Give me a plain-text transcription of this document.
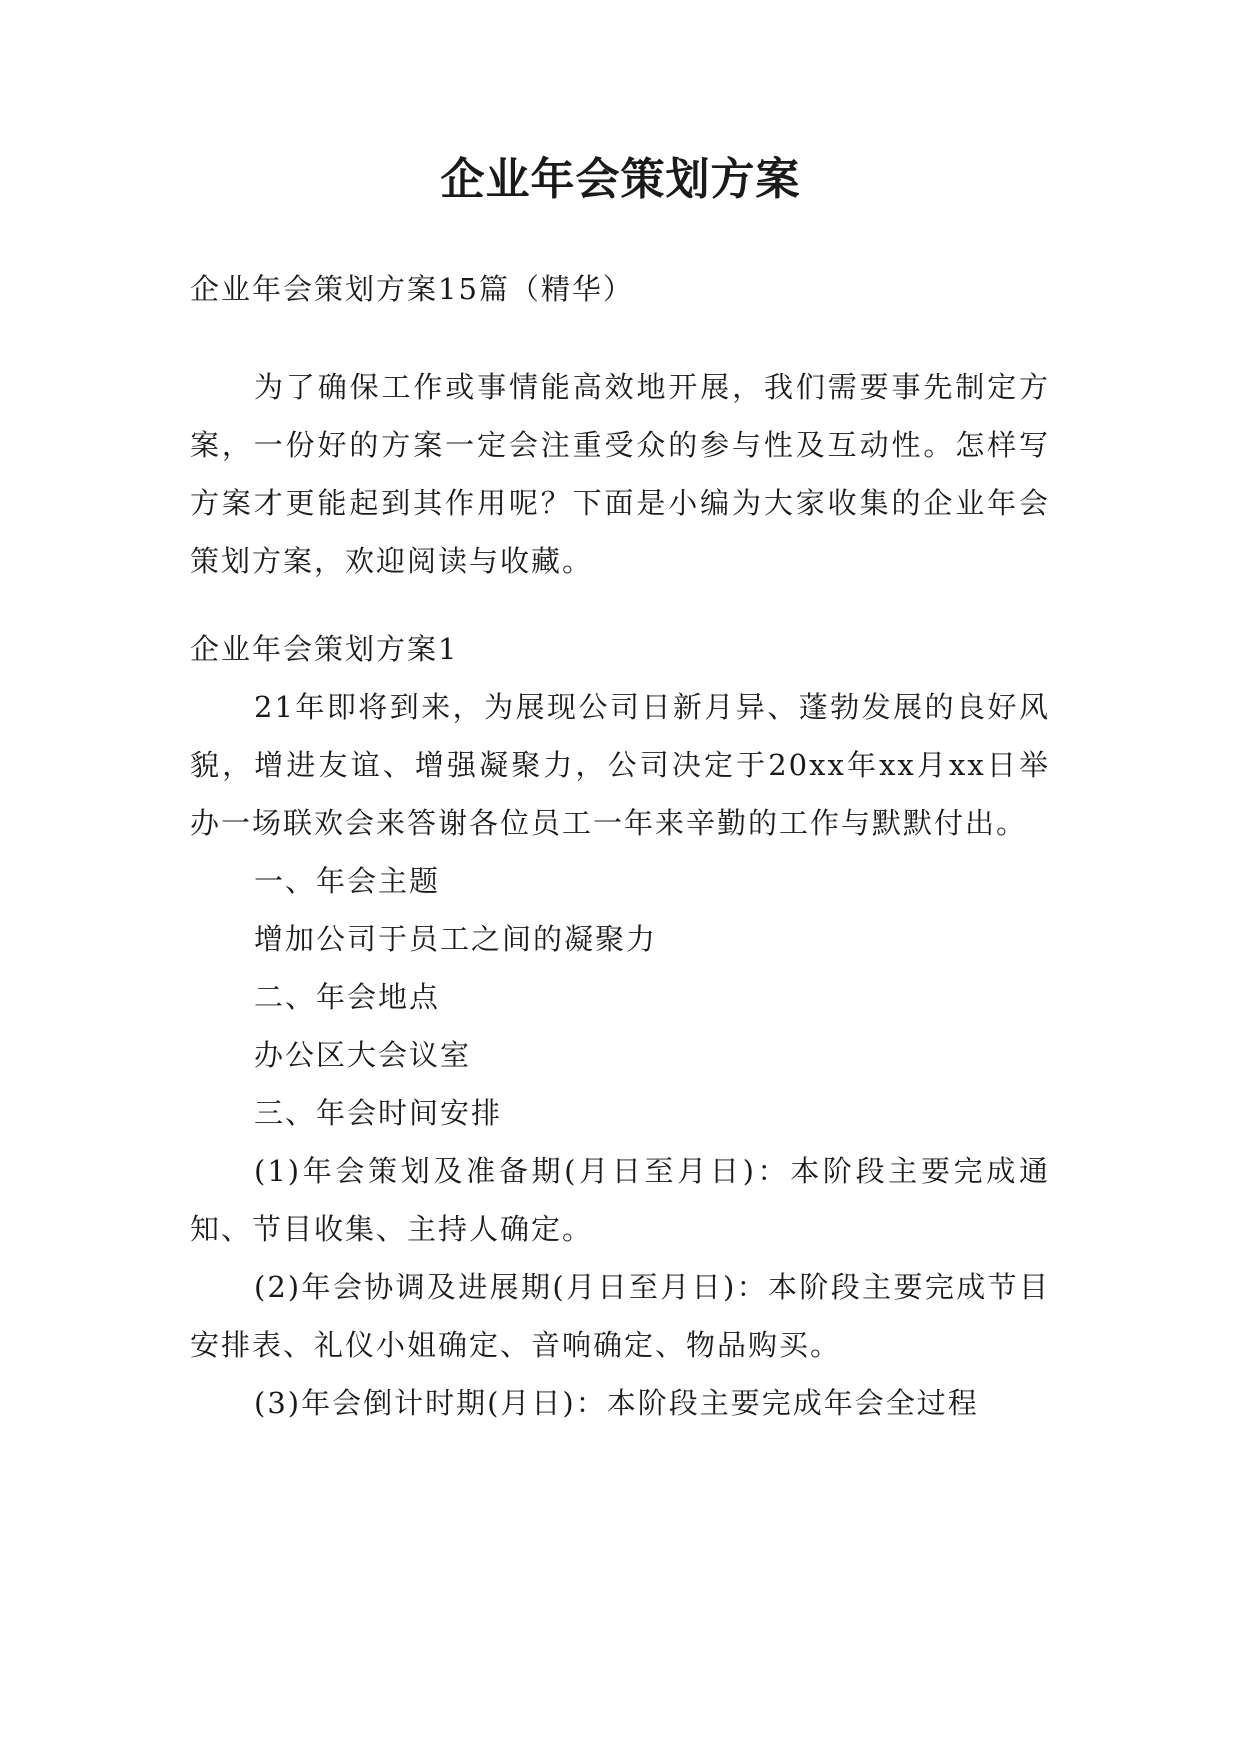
企业年会策划方案

企业年会策划方案15篇（精华）

为了确保工作或事情能高效地开展，我们需要事先制定方案，一份好的方案一定会注重受众的参与性及互动性。怎样写方案才更能起到其作用呢？下面是小编为大家收集的企业年会策划方案，欢迎阅读与收藏。

企业年会策划方案1

21年即将到来，为展现公司日新月异、蓬勃发展的良好风貌，增进友谊、增强凝聚力，公司决定于20xx年xx月xx日举办一场联欢会来答谢各位员工一年来辛勤的工作与默默付出。

一、年会主题

增加公司于员工之间的凝聚力

二、年会地点

办公区大会议室

三、年会时间安排

(1)年会策划及准备期(月日至月日)：本阶段主要完成通知、节目收集、主持人确定。

(2)年会协调及进展期(月日至月日)：本阶段主要完成节目安排表、礼仪小姐确定、音响确定、物品购买。

(3)年会倒计时期(月日)：本阶段主要完成年会全过程
